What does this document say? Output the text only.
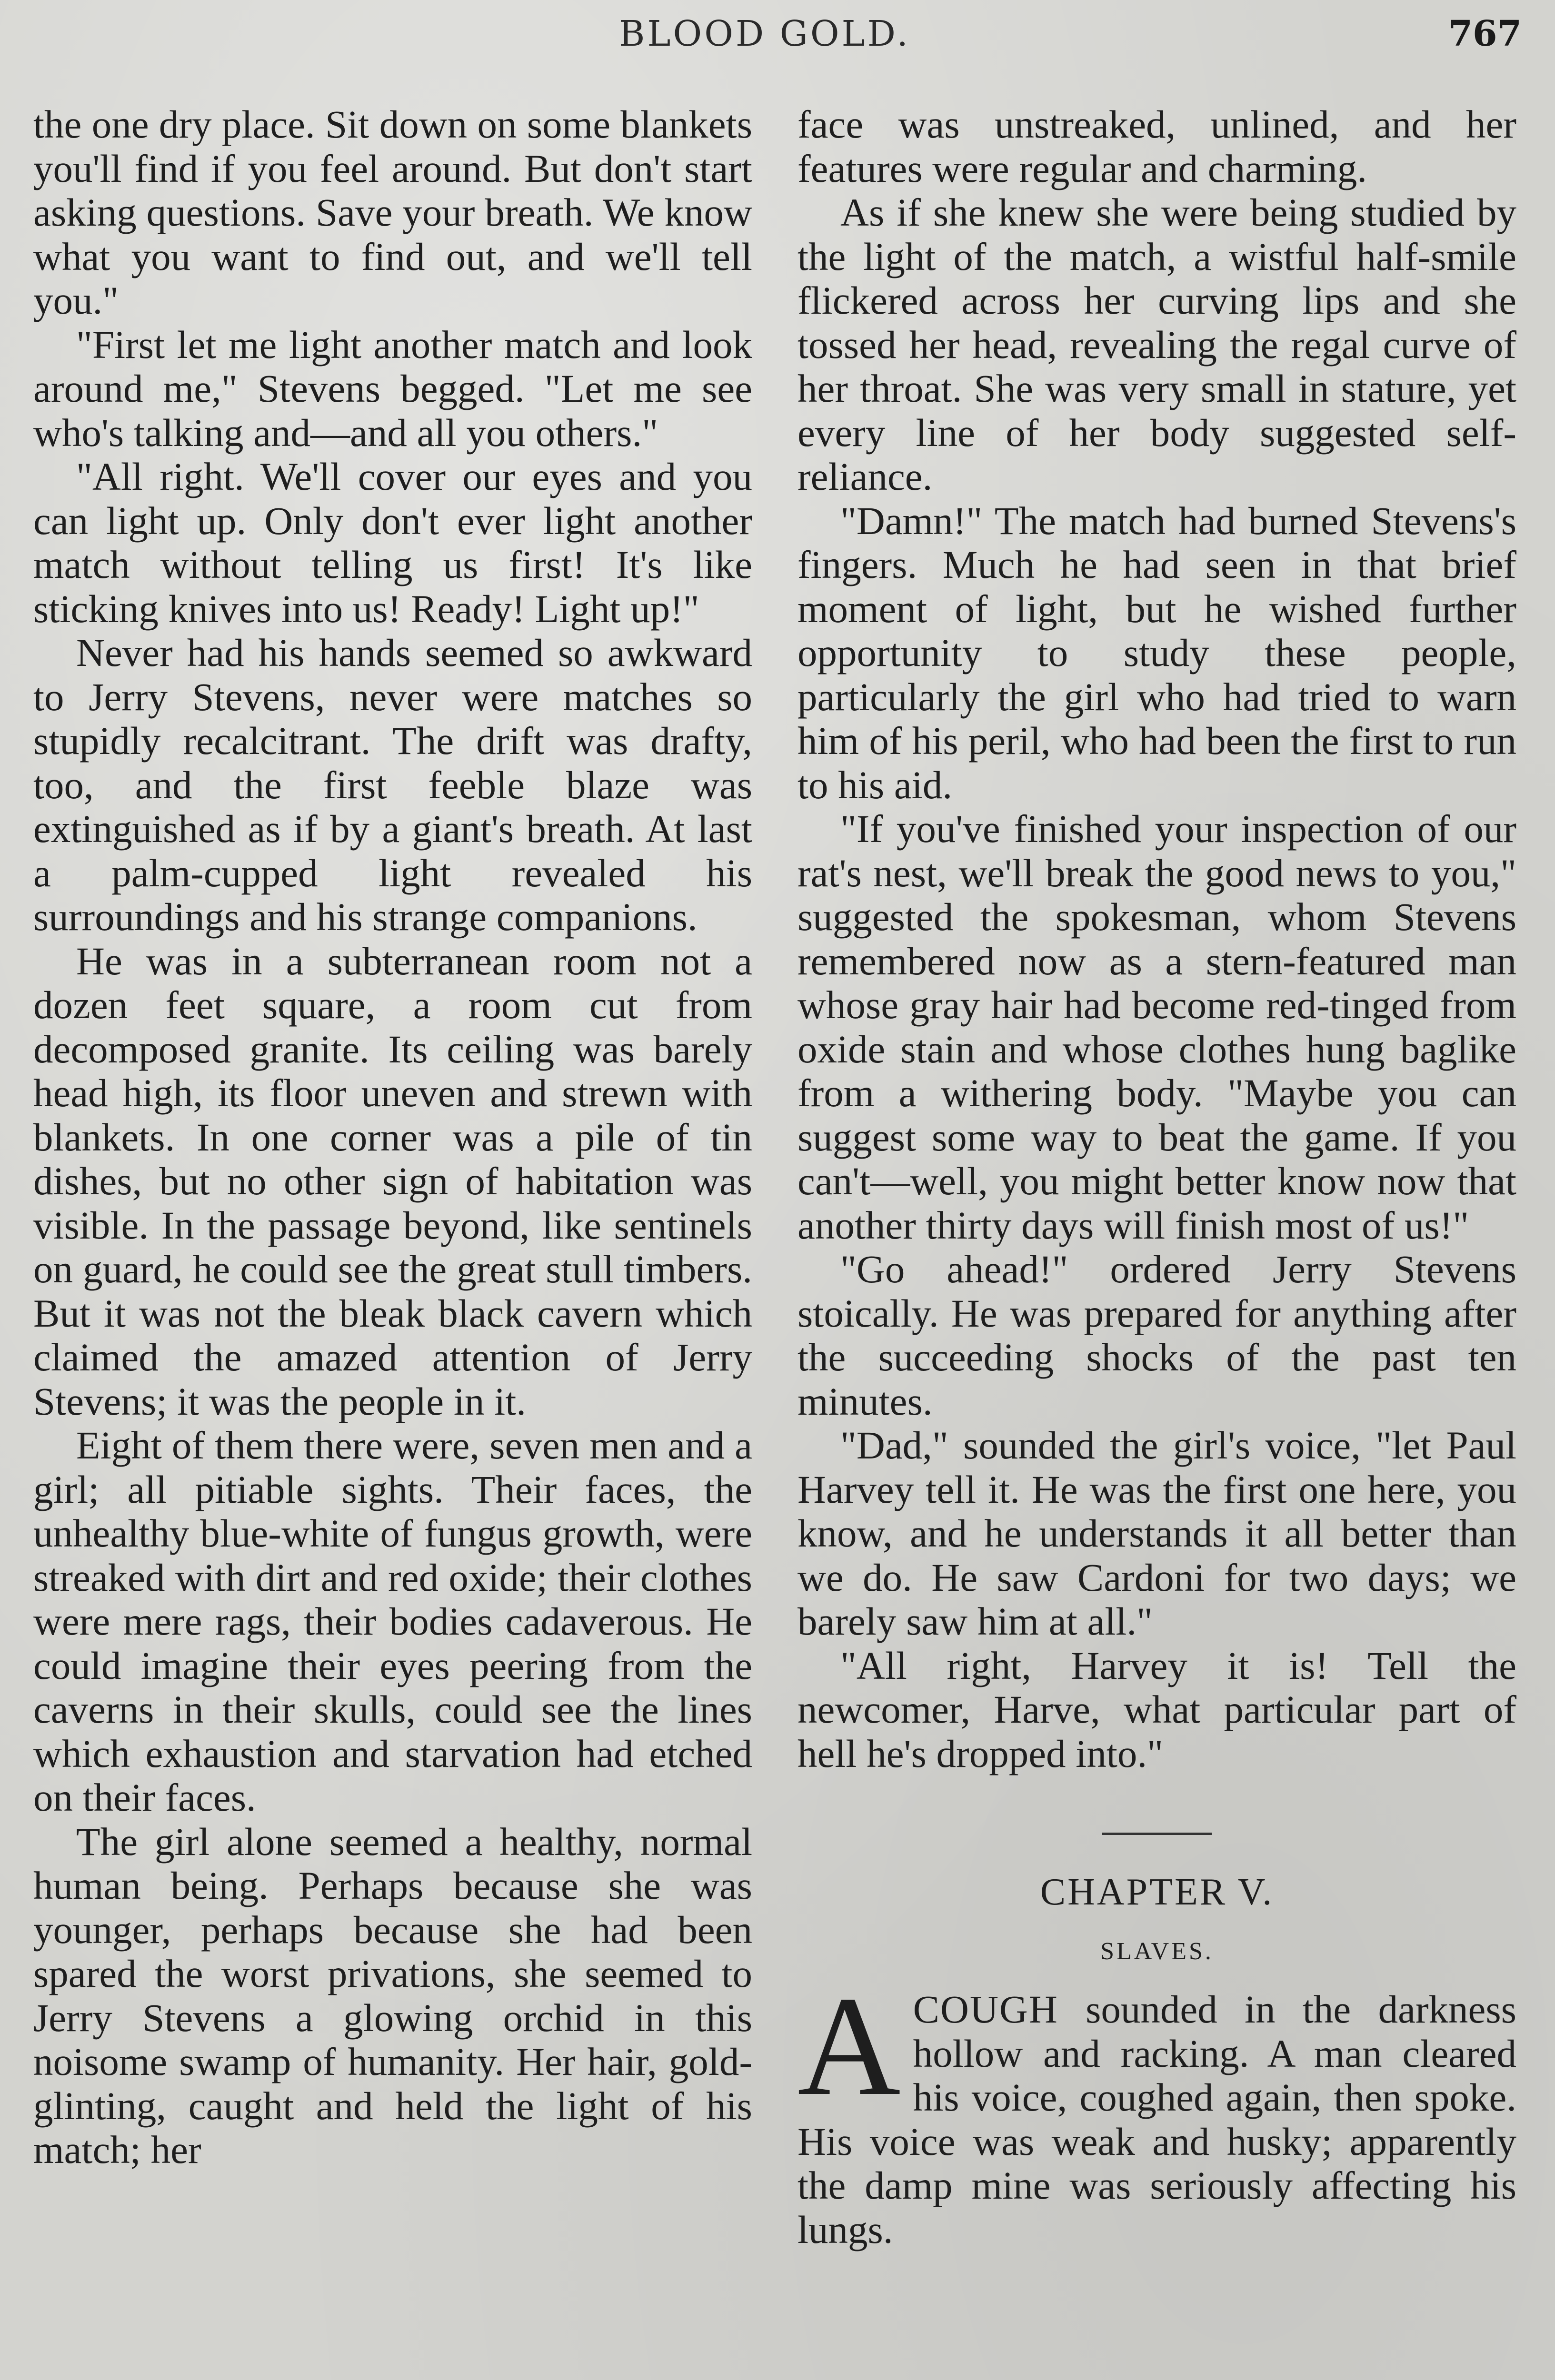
BLOOD GOLD.	767

the one dry place. Sit down on some blankets you'll find if you feel around. But don't start asking questions. Save your breath. We know what you want to find out, and we'll tell you."

"First let me light another match and look around me," Stevens begged. "Let me see who's talking and—and all you others."

"All right. We'll cover our eyes and you can light up. Only don't ever light another match without telling us first! It's like sticking knives into us! Ready! Light up!"

Never had his hands seemed so awkward to Jerry Stevens, never were matches so stupidly recalcitrant. The drift was drafty, too, and the first feeble blaze was extinguished as if by a giant's breath. At last a palm-cupped light revealed his surroundings and his strange companions.

He was in a subterranean room not a dozen feet square, a room cut from decomposed granite. Its ceiling was barely head high, its floor uneven and strewn with blankets. In one corner was a pile of tin dishes, but no other sign of habitation was visible. In the passage beyond, like sentinels on guard, he could see the great stull timbers. But it was not the bleak black cavern which claimed the amazed attention of Jerry Stevens; it was the people in it.

Eight of them there were, seven men and a girl; all pitiable sights. Their faces, the unhealthy blue-white of fungus growth, were streaked with dirt and red oxide; their clothes were mere rags, their bodies cadaverous. He could imagine their eyes peering from the caverns in their skulls, could see the lines which exhaustion and starvation had etched on their faces.

The girl alone seemed a healthy, normal human being. Perhaps because she was younger, perhaps because she had been spared the worst privations, she seemed to Jerry Stevens a glowing orchid in this noisome swamp of humanity. Her hair, gold-glinting, caught and held the light of his match; her

face was unstreaked, unlined, and her features were regular and charming.

As if she knew she were being studied by the light of the match, a wistful half-smile flickered across her curving lips and she tossed her head, revealing the regal curve of her throat. She was very small in stature, yet every line of her body suggested self-reliance.

"Damn!" The match had burned Stevens's fingers. Much he had seen in that brief moment of light, but he wished further opportunity to study these people, particularly the girl who had tried to warn him of his peril, who had been the first to run to his aid.

"If you've finished your inspection of our rat's nest, we'll break the good news to you," suggested the spokesman, whom Stevens remembered now as a stern-featured man whose gray hair had become red-tinged from oxide stain and whose clothes hung baglike from a withering body. "Maybe you can suggest some way to beat the game. If you can't—well, you might better know now that another thirty days will finish most of us!"

"Go ahead!" ordered Jerry Stevens stoically. He was prepared for anything after the succeeding shocks of the past ten minutes.

"Dad," sounded the girl's voice, "let Paul Harvey tell it. He was the first one here, you know, and he understands it all better than we do. He saw Cardoni for two days; we barely saw him at all."

"All right, Harvey it is! Tell the newcomer, Harve, what particular part of hell he's dropped into."

CHAPTER V.
SLAVES.

ACOUGH sounded in the darkness hollow and racking. A man cleared his voice, coughed again, then spoke. His voice was weak and husky; apparently the damp mine was seriously affecting his lungs.
